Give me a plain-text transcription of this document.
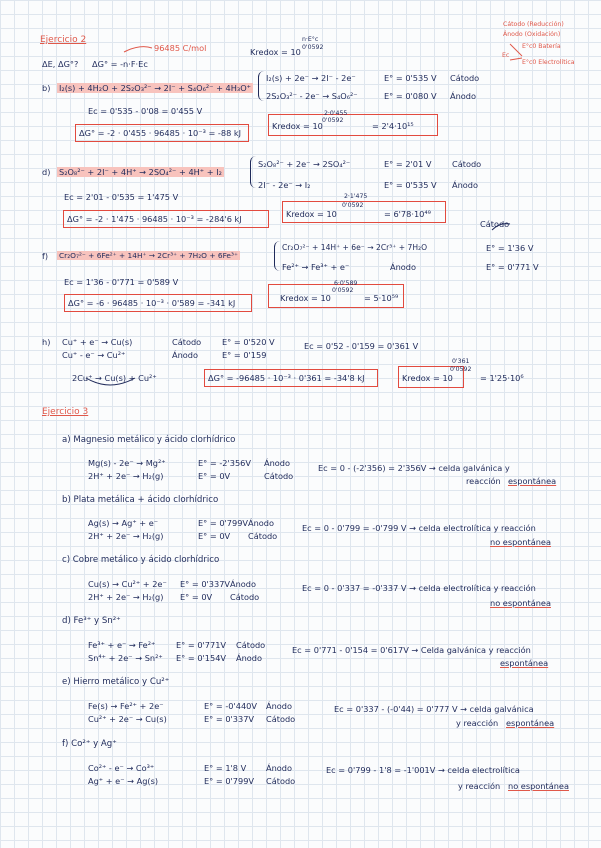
Cátodo (Reducción)
Ánodo (Oxidación)
Ec
E°c0 Batería
E°c0 Electrolítica
Ejercicio 2
96485 C/mol	Kredox = 10
n·E°c
0'0592
ΔE, ΔG°? ΔG° = -n·F·Ec
b) I₂(s) + 4H₂O + 2S₂O₃²⁻ → 2I⁻ + S₄O₆²⁻ + 4H₃O⁺
I₂(s) + 2e⁻ → 2I⁻ - 2e⁻	E° = 0'535 V Cátodo
2S₂O₃²⁻ - 2e⁻ → S₄O₆²⁻	E° = 0'080 V Ánodo
Ec = 0'535 - 0'08 = 0'455 V
Kredox = 10
2·0'455
0'0592
= 2'4·10¹⁵
ΔG° = -2 · 0'455 · 96485 · 10⁻³ = -88 kJ
d) S₂O₈²⁻ + 2I⁻ + 4H⁺ → 2SO₄²⁻ + 4H⁺ + I₂
S₂O₈²⁻ + 2e⁻ → 2SO₄²⁻	E° = 2'01 V	Cátodo
2I⁻ - 2e⁻ → I₂	E° = 0'535 V Ánodo
Ec = 2'01 - 0'535 = 1'475 V
Kredox = 10
2·1'475
0'0592
= 6'78·10⁴⁹
ΔG° = -2 · 1'475 · 96485 · 10⁻³ = -284'6 kJ	Cátodo
f) Cr₂O₇²⁻ + 6Fe²⁺ + 14H⁺ → 2Cr³⁺ + 7H₂O + 6Fe³⁺
Cr₂O₇²⁻ + 14H⁺ + 6e⁻ → 2Cr³⁺ + 7H₂O	E° = 1'36 V
Fe²⁺ → Fe³⁺ + e⁻	Ánodo	E° = 0'771 V
Ec = 1'36 - 0'771 = 0'589 V
ΔG° = -6 · 96485 · 10⁻³ · 0'589 = -341 kJ	Kredox = 10
6·0'589
0'0592
= 5·10⁵⁹
h) Cu⁺ + e⁻ → Cu(s)	Cátodo	E° = 0'520 V
Cu⁺ - e⁻ → Cu²⁺	Ánodo	E° = 0'159
Ec = 0'52 - 0'159 = 0'361 V
2Cu⁺ → Cu(s) + Cu²⁺	ΔG° = -96485 · 10⁻³ · 0'361 = -34'8 kJ	Kredox = 10
0'361
0'0592
= 1'25·10⁶
Ejercicio 3
a) Magnesio metálico y ácido clorhídrico
Mg(s) - 2e⁻ → Mg²⁺	E° = -2'356V Ánodo
2H⁺ + 2e⁻ → H₂(g)	E° = 0V	Cátodo
Ec = 0 - (-2'356) = 2'356V → celda galvánica y
reacción espontánea
b) Plata metálica + ácido clorhídrico
Ag(s) → Ag⁺ + e⁻	E° = 0'799V Ánodo
2H⁺ + 2e⁻ → H₂(g)	E° = 0V Cátodo
Ec = 0 - 0'799 = -0'799 V → celda electrolítica y reacción
no espontánea
c) Cobre metálico y ácido clorhídrico
Cu(s) → Cu²⁺ + 2e⁻ E° = 0'337V Ánodo
2H⁺ + 2e⁻ → H₂(g) E° = 0V Cátodo
Ec = 0 - 0'337 = -0'337 V → celda electrolítica y reacción
no espontánea
d) Fe³⁺ y Sn²⁺
Fe³⁺ + e⁻ → Fe²⁺	E° = 0'771V Cátodo
Sn⁴⁺ + 2e⁻ → Sn²⁺ E° = 0'154V Ánodo
Ec = 0'771 - 0'154 = 0'617V → Celda galvánica y reacción
espontánea
e) Hierro metálico y Cu²⁺
Fe(s) → Fe²⁺ + 2e⁻	E° = -0'440V Ánodo
Cu²⁺ + 2e⁻ → Cu(s)	E° = 0'337V Cátodo
Ec = 0'337 - (-0'44) = 0'777 V → celda galvánica
y reacción espontánea
f) Co²⁺ y Ag⁺
Co²⁺ - e⁻ → Co³⁺	E° = 1'8 V Ánodo
Ag⁺ + e⁻ → Ag(s)	E° = 0'799V Cátodo
Ec = 0'799 - 1'8 = -1'001V → celda electrolítica
y reacción no espontánea
